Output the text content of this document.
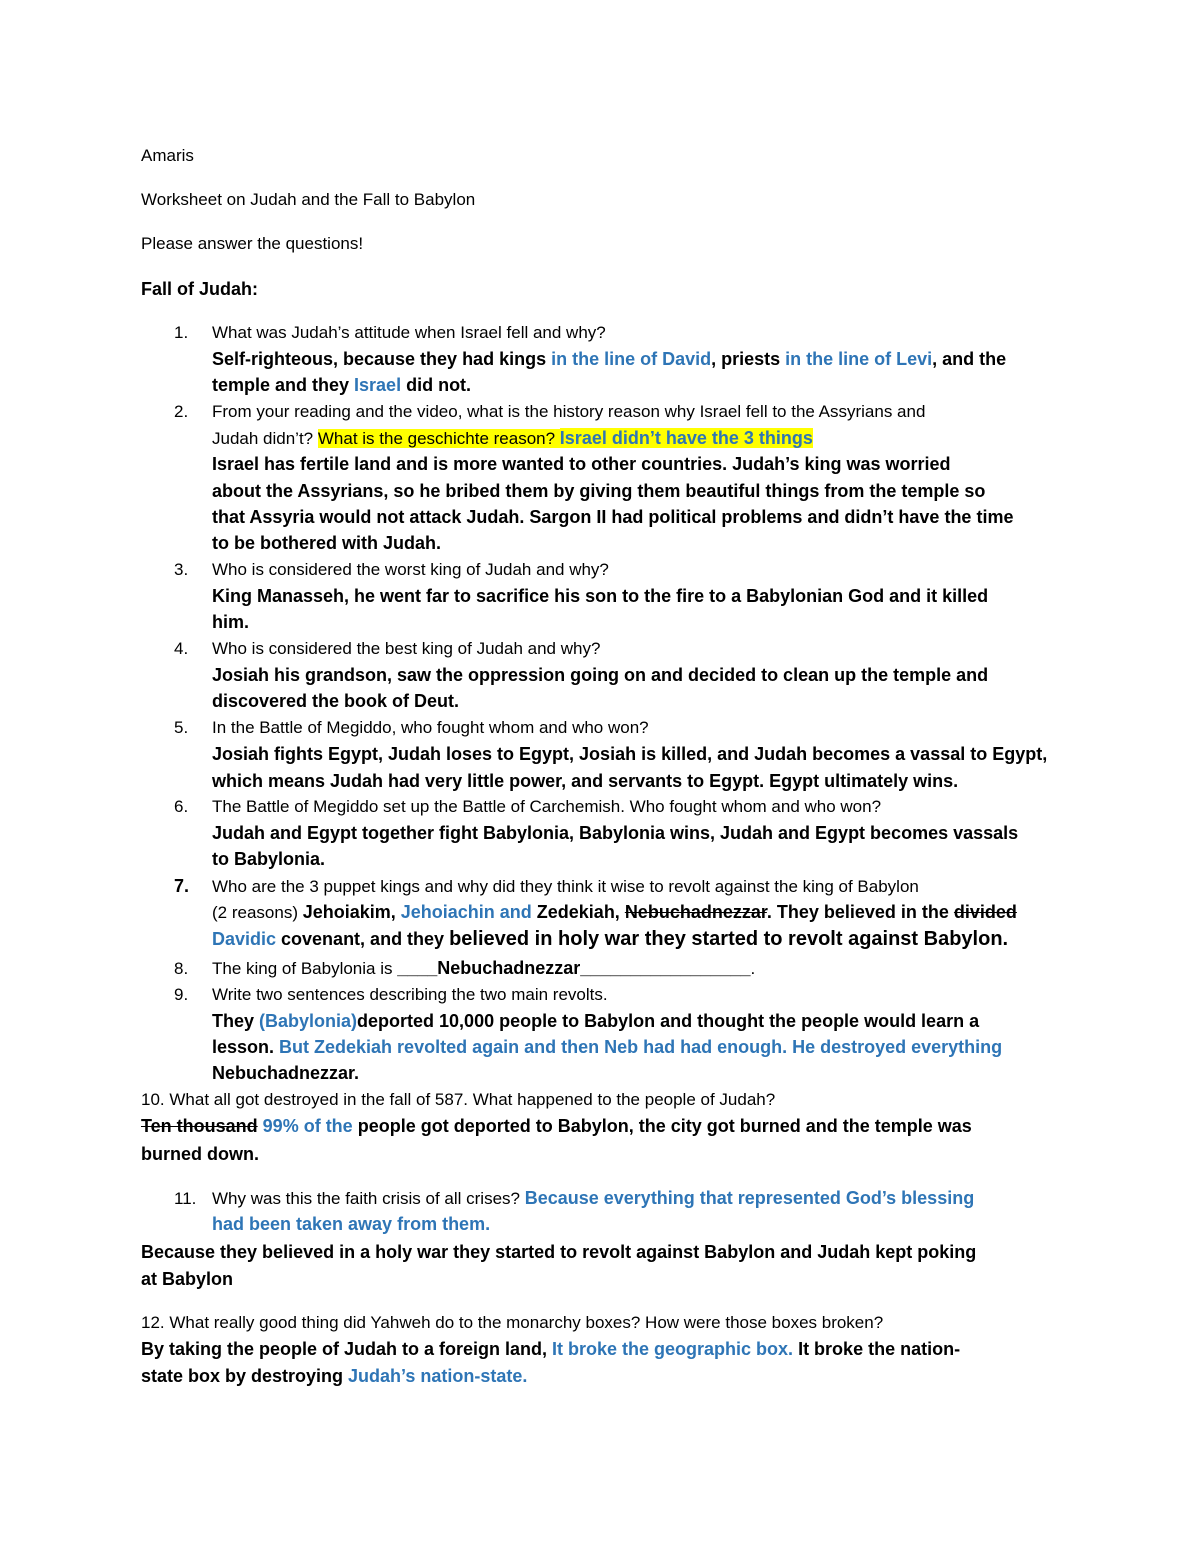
Amaris
Worksheet on Judah and the Fall to Babylon
Please answer the questions!
Fall of Judah:
1. What was Judah’s attitude when Israel fell and why?
Self-righteous, because they had kings in the line of David, priests in the line of Levi, and the
temple and they Israel did not.
2. From your reading and the video, what is the history reason why Israel fell to the Assyrians and
Judah didn’t? What is the geschichte reason? Israel didn’t have the 3 things
Israel has fertile land and is more wanted to other countries. Judah’s king was worried
about the Assyrians, so he bribed them by giving them beautiful things from the temple so
that Assyria would not attack Judah. Sargon II had political problems and didn’t have the time
to be bothered with Judah.
3. Who is considered the worst king of Judah and why?
King Manasseh, he went far to sacrifice his son to the fire to a Babylonian God and it killed
him.
4. Who is considered the best king of Judah and why?
Josiah his grandson, saw the oppression going on and decided to clean up the temple and
discovered the book of Deut.
5. In the Battle of Megiddo, who fought whom and who won?
Josiah fights Egypt, Judah loses to Egypt, Josiah is killed, and Judah becomes a vassal to Egypt,
which means Judah had very little power, and servants to Egypt. Egypt ultimately wins.
6. The Battle of Megiddo set up the Battle of Carchemish. Who fought whom and who won?
Judah and Egypt together fight Babylonia, Babylonia wins, Judah and Egypt becomes vassals
to Babylonia.
7. Who are the 3 puppet kings and why did they think it wise to revolt against the king of Babylon
(2 reasons) Jehoiakim, Jehoiachin and Zedekiah, Nebuchadnezzar. They believed in the divided
Davidic covenant, and they believed in holy war they started to revolt against Babylon.
8. The king of Babylonia is ____Nebuchadnezzar_________________.
9. Write two sentences describing the two main revolts.
They (Babylonia)deported 10,000 people to Babylon and thought the people would learn a
lesson. But Zedekiah revolted again and then Neb had had enough. He destroyed everything
Nebuchadnezzar.
10. What all got destroyed in the fall of 587. What happened to the people of Judah?
Ten thousand 99% of the people got deported to Babylon, the city got burned and the temple was
burned down.
11. Why was this the faith crisis of all crises? Because everything that represented God’s blessing
had been taken away from them.
Because they believed in a holy war they started to revolt against Babylon and Judah kept poking
at Babylon
12. What really good thing did Yahweh do to the monarchy boxes? How were those boxes broken?
By taking the people of Judah to a foreign land, It broke the geographic box. It broke the nation-
state box by destroying Judah’s nation-state.
